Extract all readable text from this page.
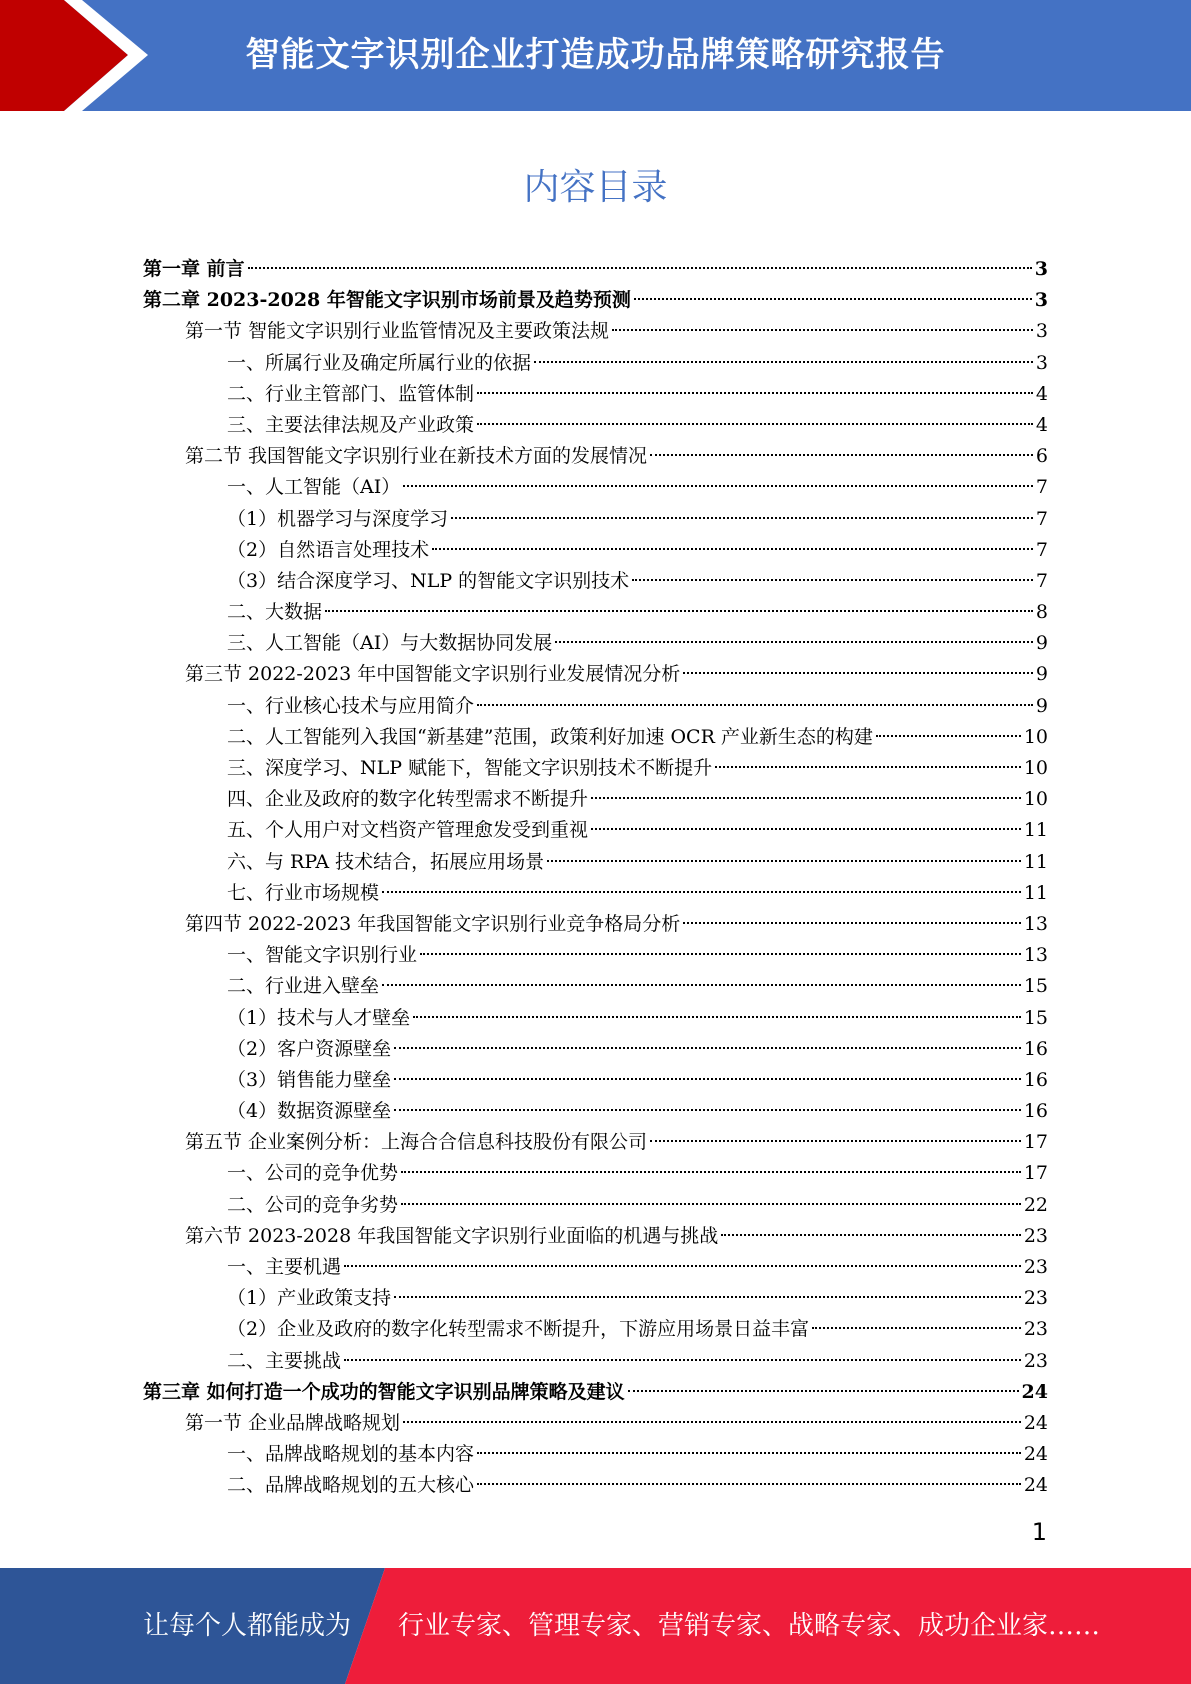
智能文字识别企业打造成功品牌策略研究报告
内容目录
第一章 前言	3
第二章 2023-2028 年智能文字识别市场前景及趋势预测	3
第一节 智能文字识别行业监管情况及主要政策法规	3
一、所属行业及确定所属行业的依据	3
二、行业主管部门、监管体制	4
三、主要法律法规及产业政策	4
第二节 我国智能文字识别行业在新技术方面的发展情况	6
一、人工智能（AI）	7
（1）机器学习与深度学习	7
（2）自然语言处理技术	7
（3）结合深度学习、NLP 的智能文字识别技术	7
二、大数据	8
三、人工智能（AI）与大数据协同发展	9
第三节 2022-2023 年中国智能文字识别行业发展情况分析	9
一、行业核心技术与应用简介	9
二、人工智能列入我国“新基建”范围，政策利好加速 OCR 产业新生态的构建	10
三、深度学习、NLP 赋能下，智能文字识别技术不断提升	10
四、企业及政府的数字化转型需求不断提升	10
五、个人用户对文档资产管理愈发受到重视	11
六、与 RPA 技术结合，拓展应用场景	11
七、行业市场规模	11
第四节 2022-2023 年我国智能文字识别行业竞争格局分析	13
一、智能文字识别行业	13
二、行业进入壁垒	15
（1）技术与人才壁垒	15
（2）客户资源壁垒	16
（3）销售能力壁垒	16
（4）数据资源壁垒	16
第五节 企业案例分析：上海合合信息科技股份有限公司	17
一、公司的竞争优势	17
二、公司的竞争劣势	22
第六节 2023-2028 年我国智能文字识别行业面临的机遇与挑战	23
一、主要机遇	23
（1）产业政策支持	23
（2）企业及政府的数字化转型需求不断提升，下游应用场景日益丰富	23
二、主要挑战	23
第三章 如何打造一个成功的智能文字识别品牌策略及建议	24
第一节 企业品牌战略规划	24
一、品牌战略规划的基本内容	24
二、品牌战略规划的五大核心	24
1
让每个人都能成为 行业专家、管理专家、营销专家、战略专家、成功企业家……
